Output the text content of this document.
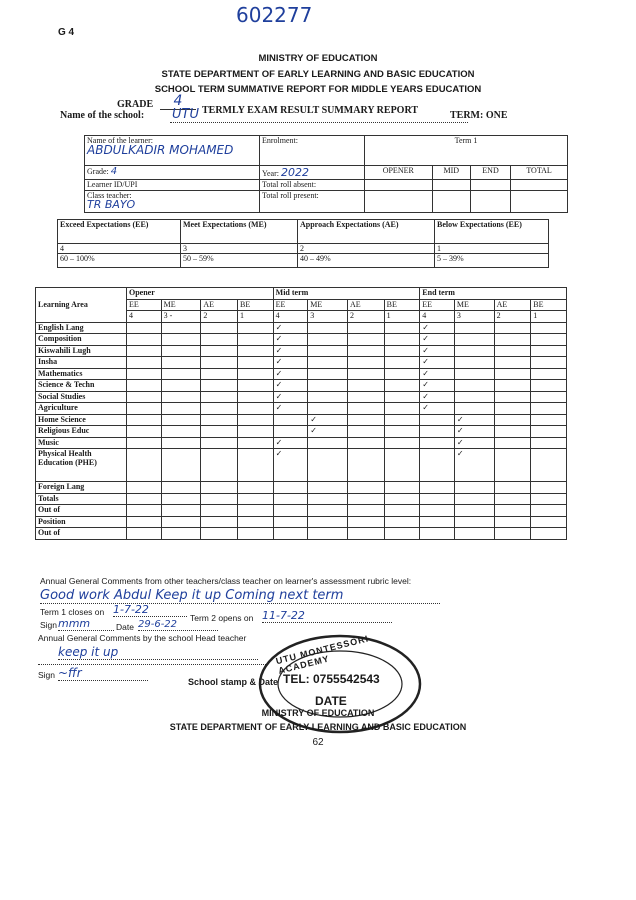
602277
G 4
MINISTRY OF EDUCATION
STATE DEPARTMENT OF EARLY LEARNING AND BASIC EDUCATION
SCHOOL TERM SUMMATIVE REPORT FOR MIDDLE YEARS EDUCATION
GRADE	4
TERMLY EXAM RESULT SUMMARY REPORT	TERM: ONE
Name of the school: UTU
Name of the learner:
ABDULKADIR MOHAMED	Enrolment:	Term 1			
Grade: 4	Year: 2022	OPENER	MID	END	TOTAL
Learner ID/UPI	Total roll absent:				

Class teacher:
TR BAYO	Total roll present:				
Exceed Expectations (EE)	Meet Expectations (ME)	Approach Expectations (AE)	Below Expectations (EE)
4	3	2	1
60 – 100%	50 – 59%	40 – 49%	5 – 39%
Learning Area	Opener				Mid term				End term			
	EE	ME	AE	BE	EE	ME	AE	BE	EE	ME	AE	BE
	4	3 -	2	1	4	3	2	1	4	3	2	1
English Lang					✓				✓			
Composition					✓				✓			
Kiswahili Lugh					✓				✓			
Insha					✓				✓			
Mathematics					✓				✓			
Science & Techn					✓				✓			
Social Studies					✓				✓			
Agriculture					✓				✓			
Home Science						✓				✓		
Religious Educ						✓				✓		
Music					✓					✓		
Physical Health Education (PHE)					✓					✓		
Foreign Lang												
Totals												
Out of												
Position												
Out of												
Annual General Comments from other teachers/class teacher on learner's assessment rubric level:
Good work Abdul Keep it up Coming next term
Term 1 closes on 1-7-22
Term 2 opens on 11-7-22
Sign mmm	Date 29-6-22
Annual General Comments by the school Head teacher
keep it up
Sign ~ffr
School stamp & Date
UTU MONTESSORI ACADEMY
TEL: 0755542543
DATE
MINISTRY OF EDUCATION
STATE DEPARTMENT OF EARLY LEARNING AND BASIC EDUCATION
62
